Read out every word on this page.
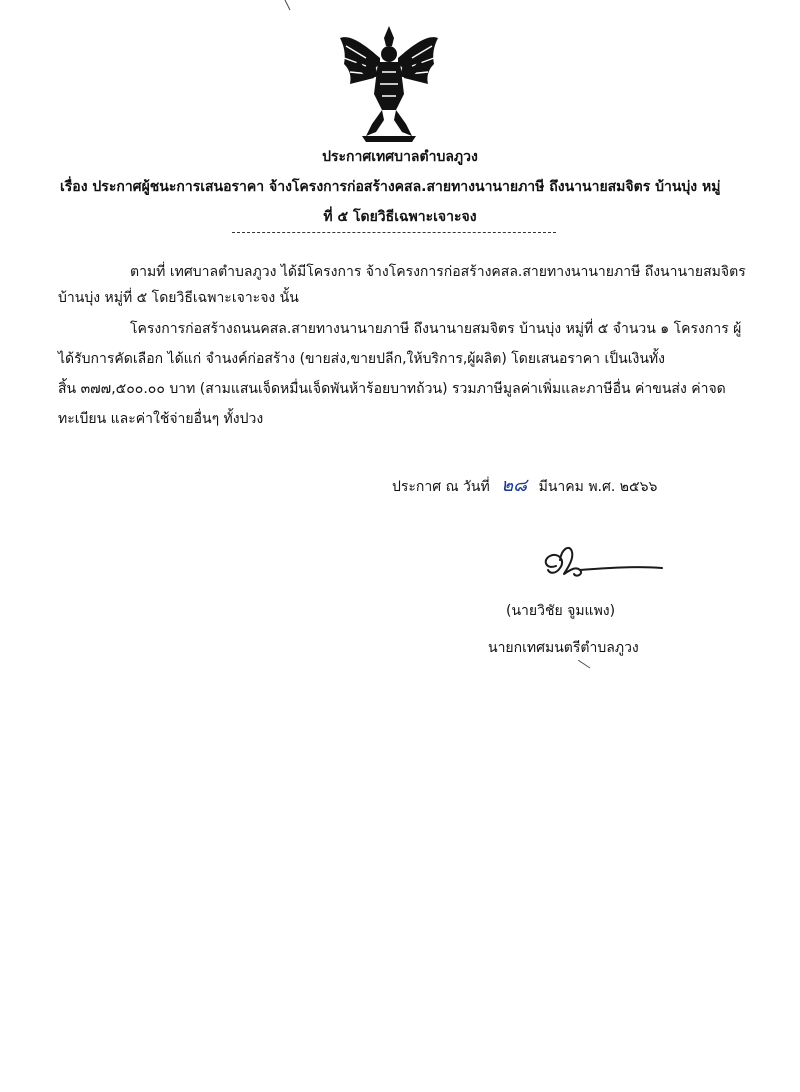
ประกาศเทศบาลตำบลภูวง
เรื่อง ประกาศผู้ชนะการเสนอราคา จ้างโครงการก่อสร้างคสล.สายทางนานายภาษี ถึงนานายสมจิตร บ้านบุ่ง หมู่
ที่ ๕ โดยวิธีเฉพาะเจาะจง
ตามที่ เทศบาลตำบลภูวง ได้มีโครงการ จ้างโครงการก่อสร้างคสล.สายทางนานายภาษี ถึงนานายสมจิตร
บ้านบุ่ง หมู่ที่ ๕ โดยวิธีเฉพาะเจาะจง นั้น
โครงการก่อสร้างถนนคสล.สายทางนานายภาษี ถึงนานายสมจิตร บ้านบุ่ง หมู่ที่ ๕ จำนวน ๑ โครงการ ผู้
ได้รับการคัดเลือก ได้แก่ จำนงค์ก่อสร้าง (ขายส่ง,ขายปลีก,ให้บริการ,ผู้ผลิต) โดยเสนอราคา เป็นเงินทั้ง
สิ้น ๓๗๗,๕๐๐.๐๐ บาท (สามแสนเจ็ดหมื่นเจ็ดพันห้าร้อยบาทถ้วน) รวมภาษีมูลค่าเพิ่มและภาษีอื่น ค่าขนส่ง ค่าจด
ทะเบียน และค่าใช้จ่ายอื่นๆ ทั้งปวง
ประกาศ ณ วันที่ ๒๘ มีนาคม พ.ศ. ๒๕๖๖
(นายวิชัย จูมแพง)
นายกเทศมนตรีตำบลภูวง
